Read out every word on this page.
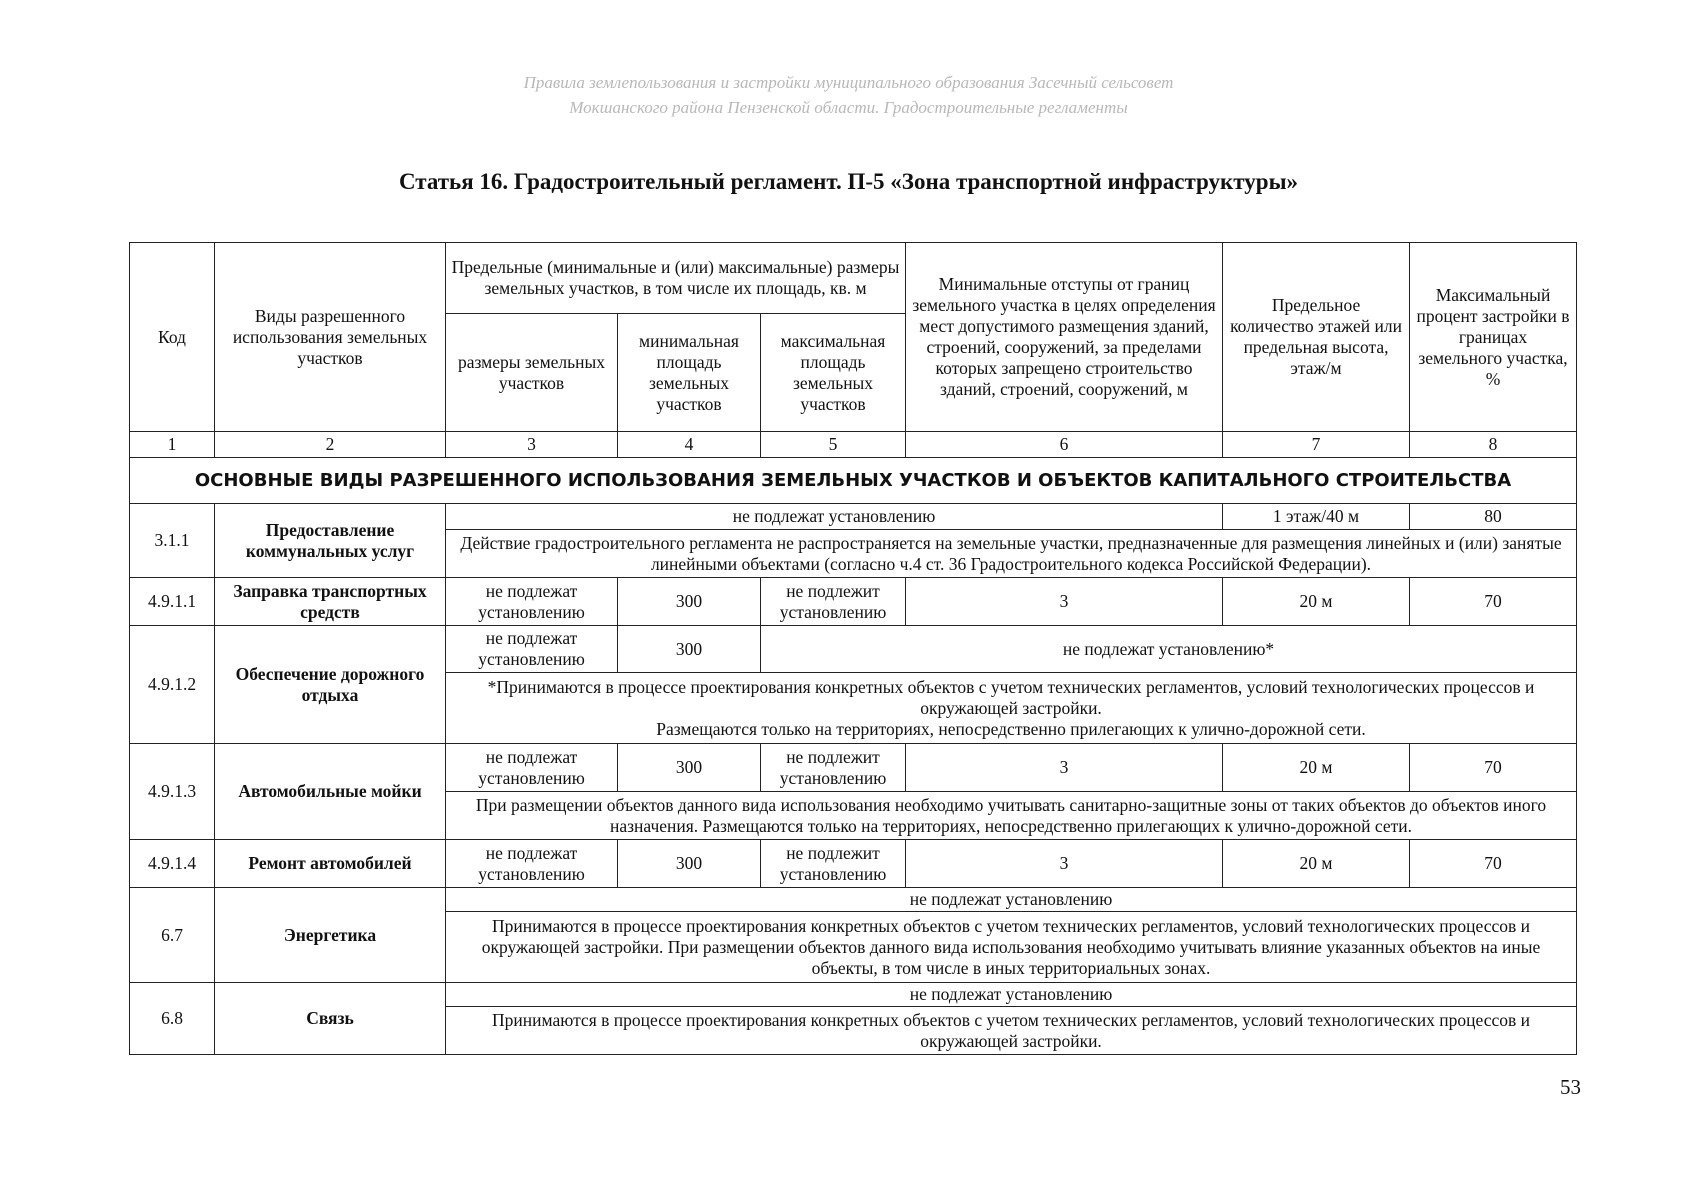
Правила землепользования и застройки муниципального образования Засечный сельсовет
Мокшанского района Пензенской области. Градостроительные регламенты
Статья 16. Градостроительный регламент. П-5 «Зона транспортной инфраструктуры»
Код	Виды разрешенного использования земельных участков	Предельные (минимальные и (или) максимальные) размеры земельных участков, в том числе их площадь, кв. м			Минимальные отступы от границ земельного участка в целях определения мест допустимого размещения зданий, строений, сооружений, за пределами которых запрещено строительство зданий, строений, сооружений, м	Предельное количество этажей или предельная высота, этаж/м	Максимальный процент застройки в границах земельного участка, %
		размеры земельных участков	минимальная площадь земельных участков	максимальная площадь земельных участков			
1	2	3	4	5	6	7	8
ОСНОВНЫЕ ВИДЫ РАЗРЕШЕННОГО ИСПОЛЬЗОВАНИЯ ЗЕМЕЛЬНЫХ УЧАСТКОВ И ОБЪЕКТОВ КАПИТАЛЬНОГО СТРОИТЕЛЬСТВА							
3.1.1	Предоставление коммунальных услуг	не подлежат установлению				1 этаж/40 м	80
		Действие градостроительного регламента не распространяется на земельные участки, предназначенные для размещения линейных и (или) занятые линейными объектами (согласно ч.4 ст. 36 Градостроительного кодекса Российской Федерации).					
4.9.1.1	Заправка транспортных средств	не подлежат установлению	300	не подлежит установлению	3	20 м	70
4.9.1.2	Обеспечение дорожного отдыха	не подлежат установлению	300	не подлежат установлению*			

		*Принимаются в процессе проектирования конкретных объектов с учетом технических регламентов, условий технологических процессов и окружающей застройки.
Размещаются только на территориях, непосредственно прилегающих к улично-дорожной сети.					

4.9.1.3	Автомобильные мойки	не подлежат установлению	300	не подлежит установлению	3	20 м	70
		При размещении объектов данного вида использования необходимо учитывать санитарно-защитные зоны от таких объектов до объектов иного назначения. Размещаются только на территориях, непосредственно прилегающих к улично-дорожной сети.					
4.9.1.4	Ремонт автомобилей	не подлежат установлению	300	не подлежит установлению	3	20 м	70
6.7	Энергетика	не подлежат установлению					
		Принимаются в процессе проектирования конкретных объектов с учетом технических регламентов, условий технологических процессов и окружающей застройки. При размещении объектов данного вида использования необходимо учитывать влияние указанных объектов на иные объекты, в том числе в иных территориальных зонах.					
6.8	Связь	не подлежат установлению					
		Принимаются в процессе проектирования конкретных объектов с учетом технических регламентов, условий технологических процессов и окружающей застройки.					
53
